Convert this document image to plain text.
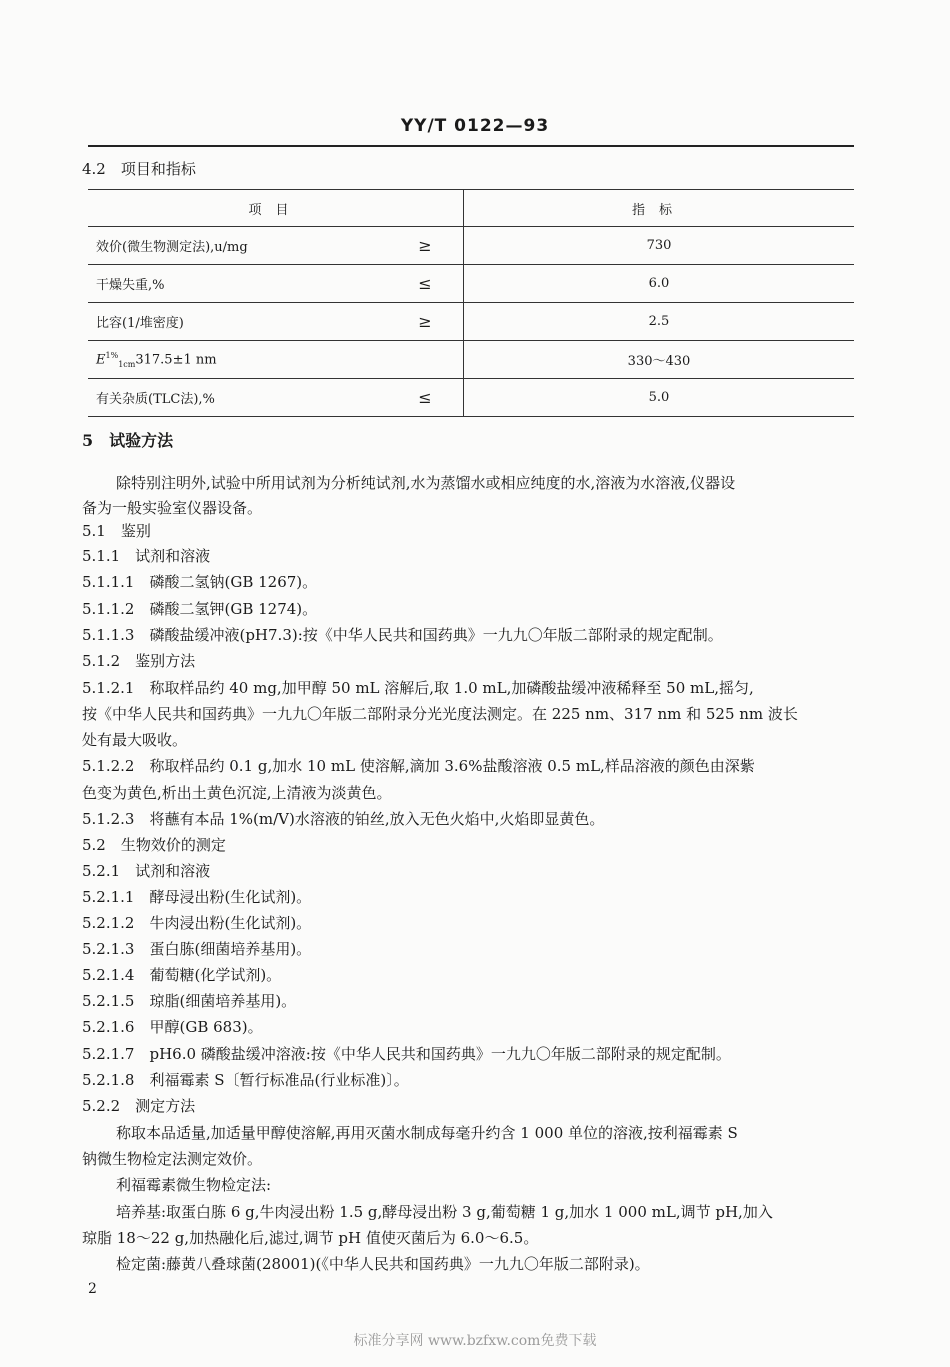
YY/T 0122—93
4.2　项目和指标
项目		指标
效价(微生物测定法),u/mg	≥	730
干燥失重,%	≤	6.0
比容(1/堆密度)	≥	2.5
$E^{1\%}_{1cm}317.5\pm 1$ nm		330～430
有关杂质(TLC法),%	≤	5.0
5　试验方法
除特别注明外,试验中所用试剂为分析纯试剂,水为蒸馏水或相应纯度的水,溶液为水溶液,仪器设
备为一般实验室仪器设备。
5.1　鉴别
5.1.1　试剂和溶液
5.1.1.1　磷酸二氢钠(GB 1267)。
5.1.1.2　磷酸二氢钾(GB 1274)。
5.1.1.3　磷酸盐缓冲液(pH7.3):按《中华人民共和国药典》一九九〇年版二部附录的规定配制。
5.1.2　鉴别方法
5.1.2.1　称取样品约 40 mg,加甲醇 50 mL 溶解后,取 1.0 mL,加磷酸盐缓冲液稀释至 50 mL,摇匀,
按《中华人民共和国药典》一九九〇年版二部附录分光光度法测定。在 225 nm、317 nm 和 525 nm 波长
处有最大吸收。
5.1.2.2　称取样品约 0.1 g,加水 10 mL 使溶解,滴加 3.6%盐酸溶液 0.5 mL,样品溶液的颜色由深紫
色变为黄色,析出土黄色沉淀,上清液为淡黄色。
5.1.2.3　将蘸有本品 1%(m/V)水溶液的铂丝,放入无色火焰中,火焰即显黄色。
5.2　生物效价的测定
5.2.1　试剂和溶液
5.2.1.1　酵母浸出粉(生化试剂)。
5.2.1.2　牛肉浸出粉(生化试剂)。
5.2.1.3　蛋白胨(细菌培养基用)。
5.2.1.4　葡萄糖(化学试剂)。
5.2.1.5　琼脂(细菌培养基用)。
5.2.1.6　甲醇(GB 683)。
5.2.1.7　pH6.0 磷酸盐缓冲溶液:按《中华人民共和国药典》一九九〇年版二部附录的规定配制。
5.2.1.8　利福霉素 S〔暂行标准品(行业标准)〕。
5.2.2　测定方法
称取本品适量,加适量甲醇使溶解,再用灭菌水制成每毫升约含 1 000 单位的溶液,按利福霉素 S
钠微生物检定法测定效价。
利福霉素微生物检定法:
培养基:取蛋白胨 6 g,牛肉浸出粉 1.5 g,酵母浸出粉 3 g,葡萄糖 1 g,加水 1 000 mL,调节 pH,加入
琼脂 18～22 g,加热融化后,滤过,调节 pH 值使灭菌后为 6.0～6.5。
检定菌:藤黄八叠球菌(28001)(《中华人民共和国药典》一九九〇年版二部附录)。
2
标准分享网 www.bzfxw.com免费下载
